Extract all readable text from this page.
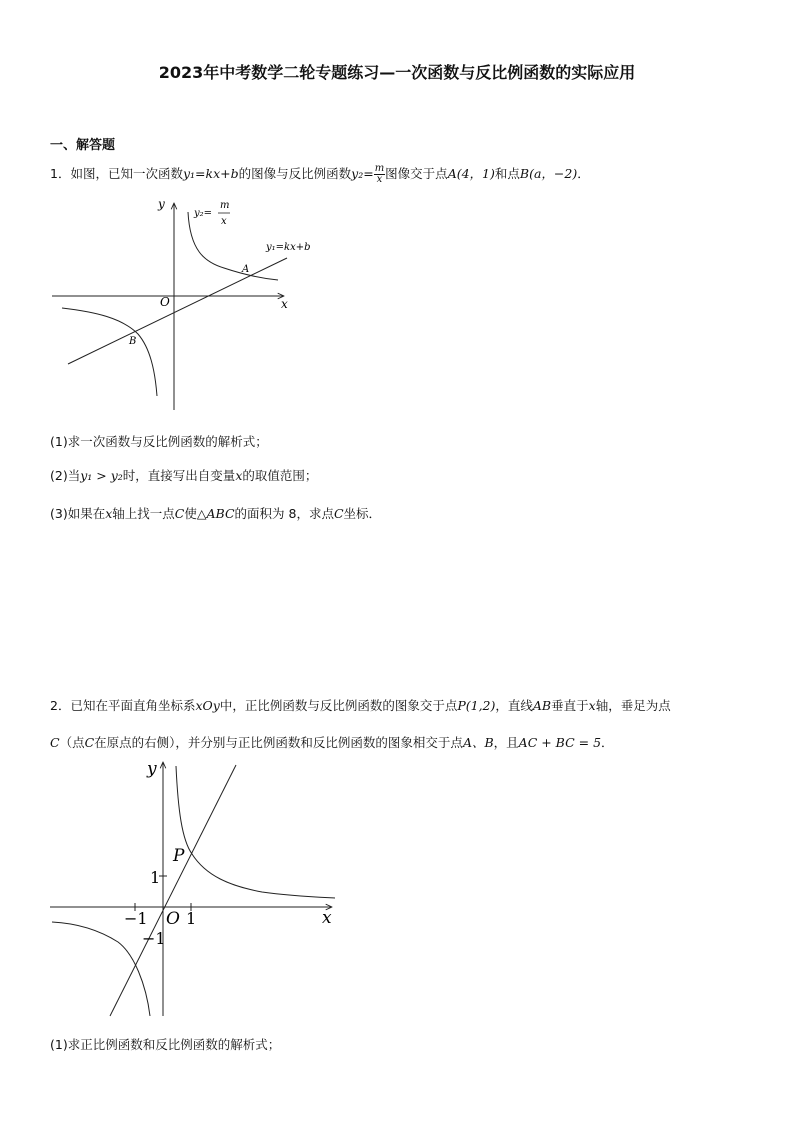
2023年中考数学二轮专题练习—一次函数与反比例函数的实际应用
一、解答题
1．如图，已知一次函数y₁=kx+b的图像与反比例函数$y_2= \frac{m}{x}$ 图像交于点A(4，1)和点B(a，−2)．
y
x
O
y₂=
m
x
y₁=kx+b
A
B
(1)求一次函数与反比例函数的解析式；
(2)当y₁ > y₂时，直接写出自变量x的取值范围；
(3)如果在x轴上找一点C使△ABC的面积为 8，求点C坐标．
2．已知在平面直角坐标系xOy中，正比例函数与反比例函数的图象交于点P(1,2)，直线AB垂直于x轴，垂足为点
C（点C在原点的右侧），并分别与正比例函数和反比例函数的图象相交于点A、B，且AC + BC = 5．
y
x
O
P
1
−1 1
−1
(1)求正比例函数和反比例函数的解析式；
